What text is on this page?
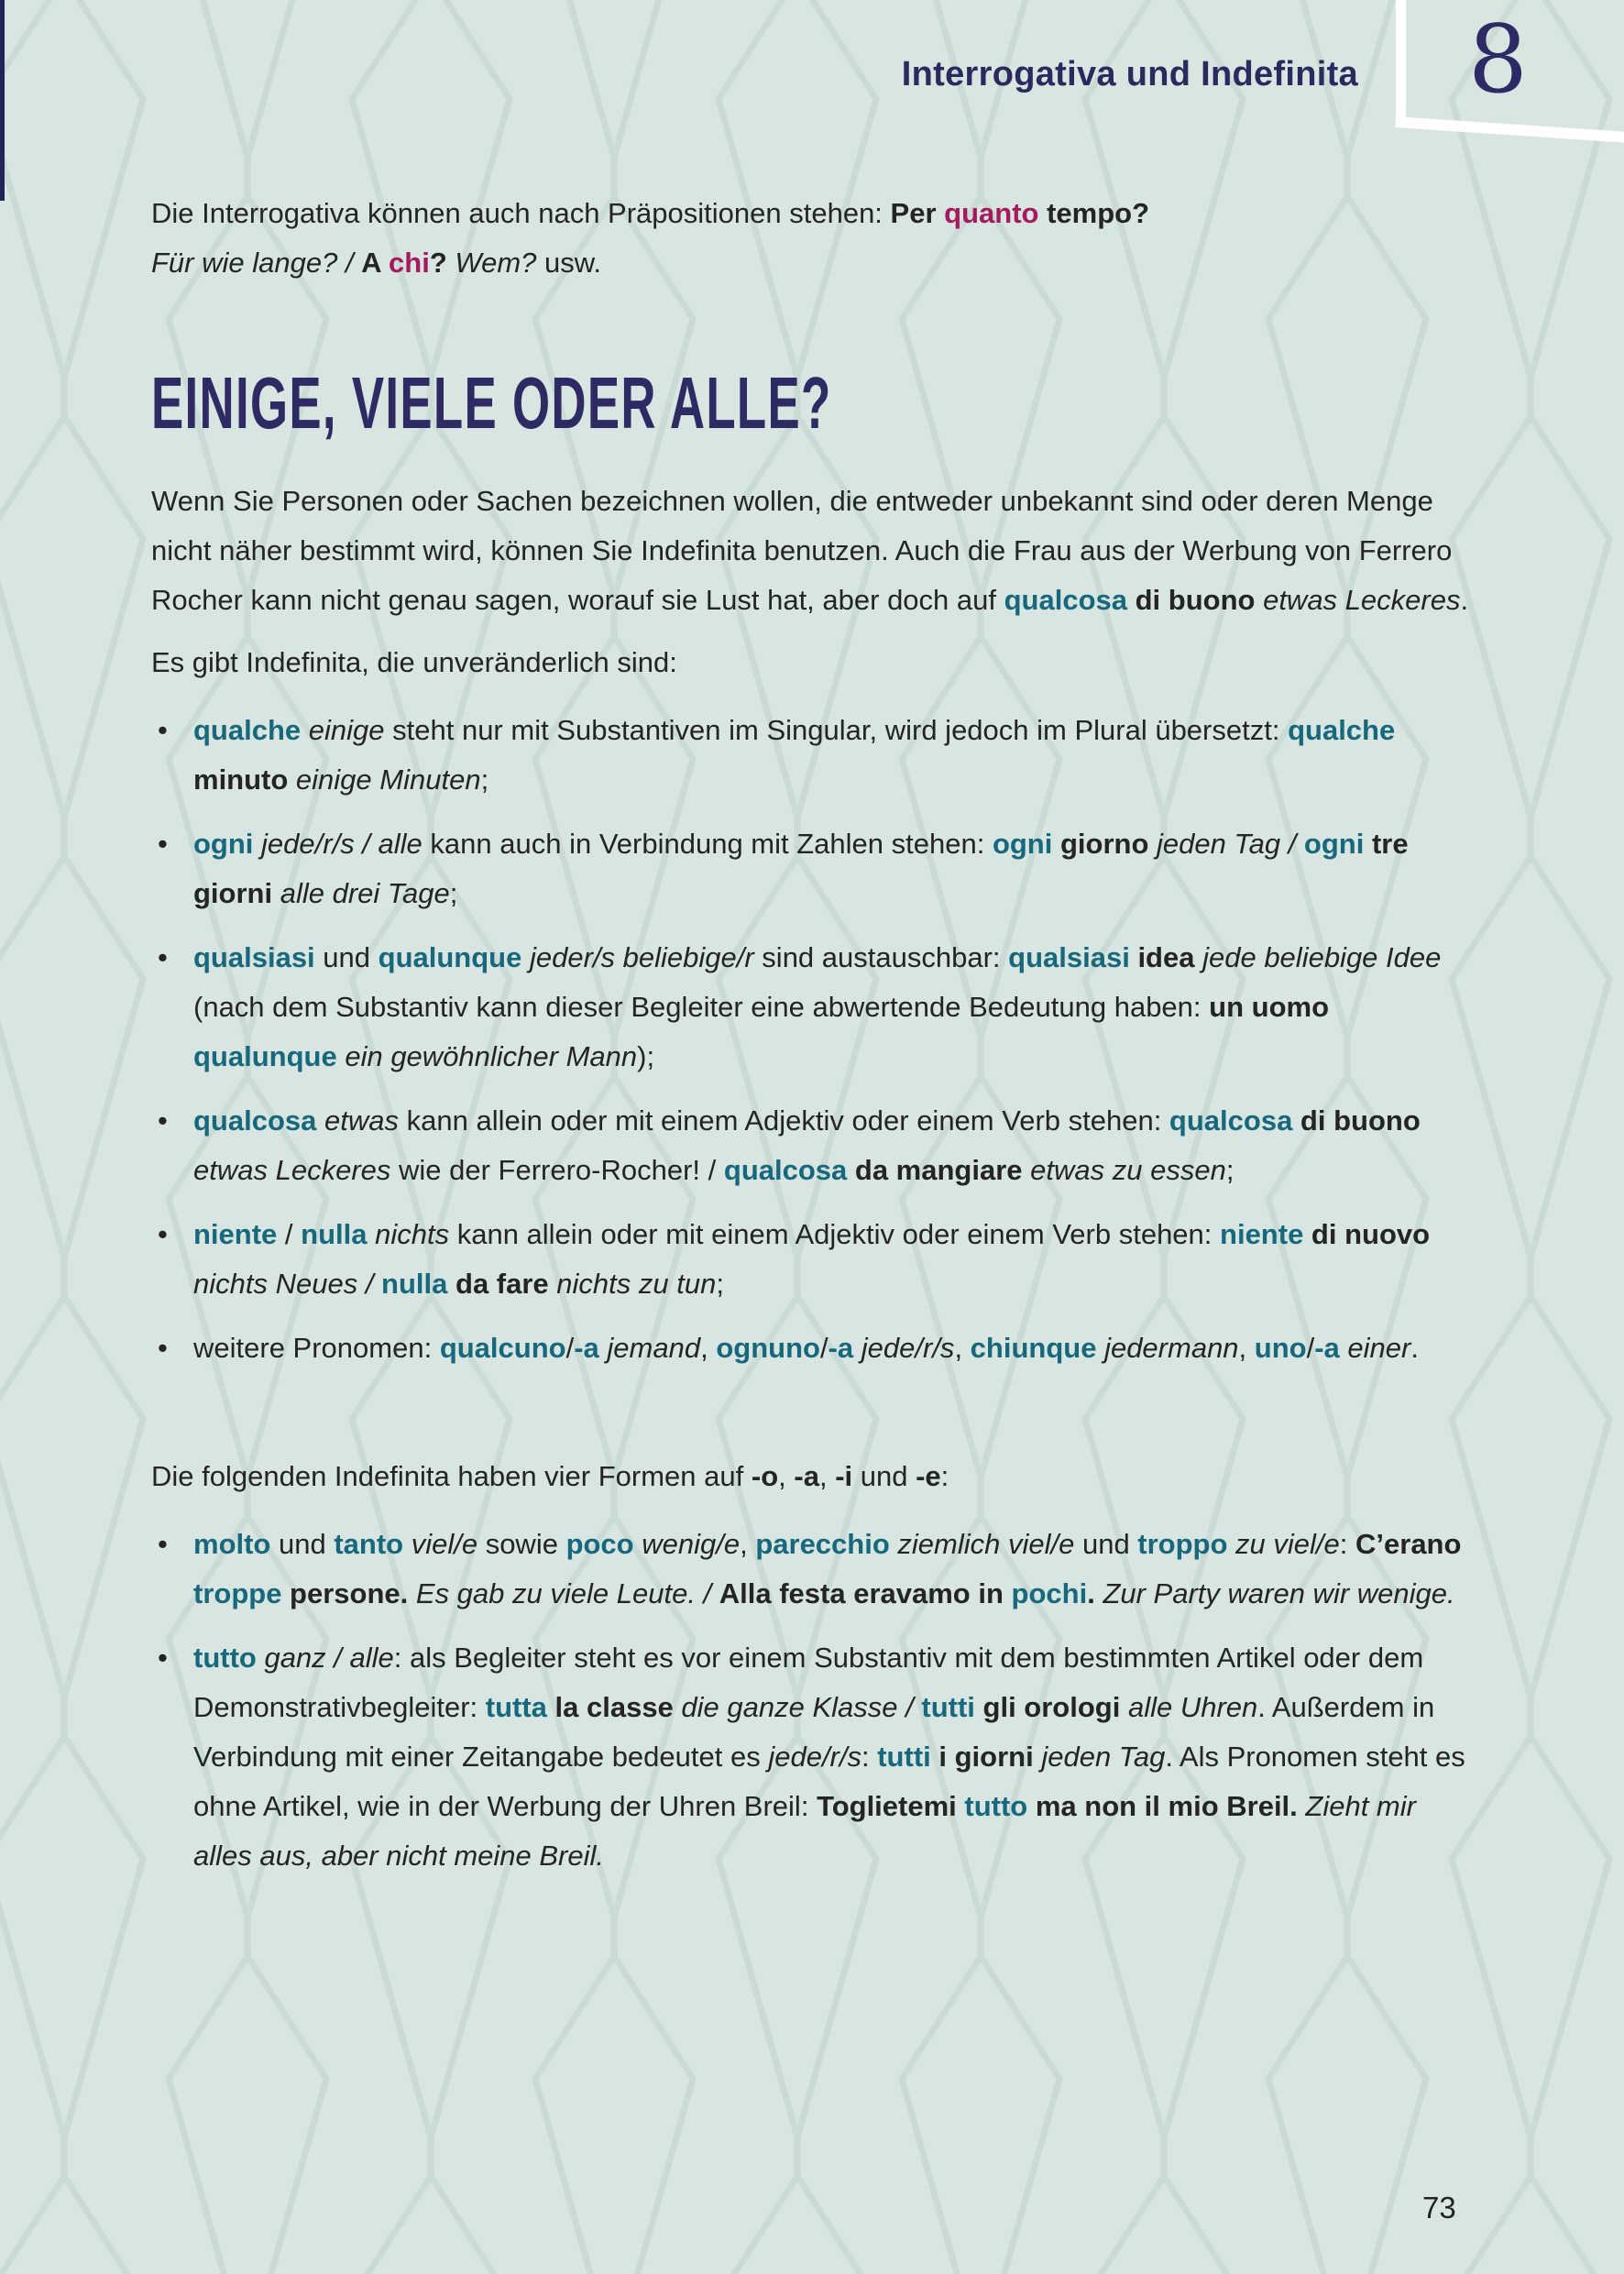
Interrogativa und Indefinita 8

Die Interrogativa können auch nach Präpositionen stehen: Per quanto tempo?
Für wie lange? / A chi? Wem? usw.

EINIGE, VIELE ODER ALLE?

Wenn Sie Personen oder Sachen bezeichnen wollen, die entweder unbekannt sind oder deren Menge nicht näher bestimmt wird, können Sie Indefinita benutzen. Auch die Frau aus der Werbung von Ferrero Rocher kann nicht genau sagen, worauf sie Lust hat, aber doch auf qualcosa di buono etwas Leckeres.

Es gibt Indefinita, die unveränderlich sind:

• qualche einige steht nur mit Substantiven im Singular, wird jedoch im Plural übersetzt: qualche minuto einige Minuten;
• ogni jede/r/s / alle kann auch in Verbindung mit Zahlen stehen: ogni giorno jeden Tag / ogni tre giorni alle drei Tage;
• qualsiasi und qualunque jeder/s beliebige/r sind austauschbar: qualsiasi idea jede beliebige Idee (nach dem Substantiv kann dieser Begleiter eine abwertende Bedeutung haben: un uomo qualunque ein gewöhnlicher Mann);
• qualcosa etwas kann allein oder mit einem Adjektiv oder einem Verb stehen: qualcosa di buono etwas Leckeres wie der Ferrero-Rocher! / qualcosa da mangiare etwas zu essen;
• niente / nulla nichts kann allein oder mit einem Adjektiv oder einem Verb stehen: niente di nuovo nichts Neues / nulla da fare nichts zu tun;
• weitere Pronomen: qualcuno/-a jemand, ognuno/-a jede/r/s, chiunque jedermann, uno/-a einer.

Die folgenden Indefinita haben vier Formen auf -o, -a, -i und -e:

• molto und tanto viel/e sowie poco wenig/e, parecchio ziemlich viel/e und troppo zu viel/e: C’erano troppe persone. Es gab zu viele Leute. / Alla festa eravamo in pochi. Zur Party waren wir wenige.
• tutto ganz / alle: als Begleiter steht es vor einem Substantiv mit dem bestimmten Artikel oder dem Demonstrativbegleiter: tutta la classe die ganze Klasse / tutti gli orologi alle Uhren. Außerdem in Verbindung mit einer Zeitangabe bedeutet es jede/r/s: tutti i giorni jeden Tag. Als Pronomen steht es ohne Artikel, wie in der Werbung der Uhren Breil: Toglietemi tutto ma non il mio Breil. Zieht mir alles aus, aber nicht meine Breil.
73
